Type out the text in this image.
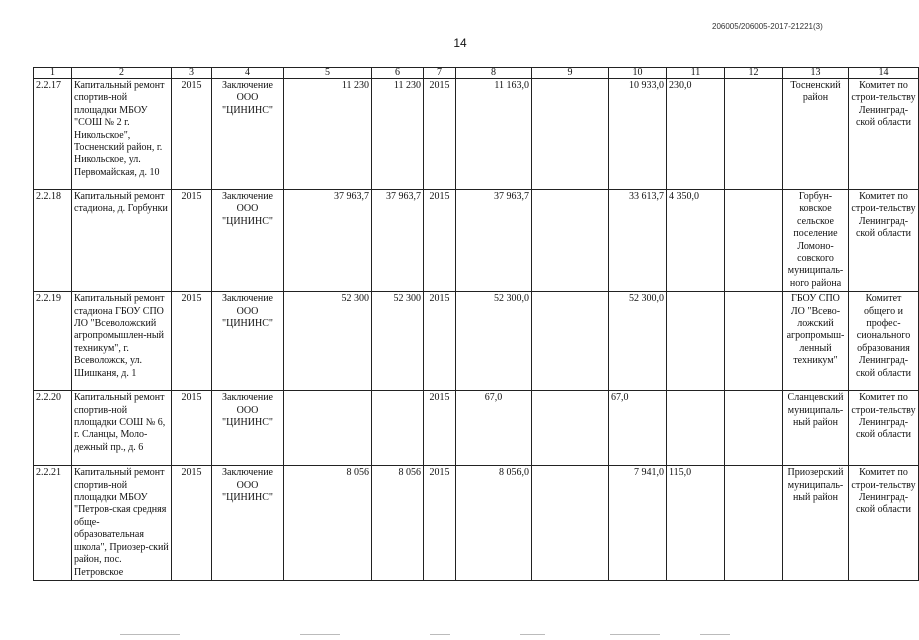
206005/206005-2017-21221(3)
14
1	2	3	4	5	6	7	8	9	10	11	12	13	14
2.2.17	Капитальный ремонт спортив-ной площадки МБОУ "СОШ № 2 г. Никольское", Тосненский район, г. Никольское, ул. Первомайская, д. 10	2015	Заключение ООО "ЦИНИНС"	11 230	11 230	2015	11 163,0		10 933,0	230,0		Тосненский район	Комитет по строи-тельству Ленинград-ской области
2.2.18	Капитальный ремонт стадиона, д. Горбунки	2015	Заключение ООО "ЦИНИНС"	37 963,7	37 963,7	2015	37 963,7		33 613,7	4 350,0		Горбун-ковское сельское поселение Ломоно-совского муниципаль-ного района	Комитет по строи-тельству Ленинград-ской области
2.2.19	Капитальный ремонт стадиона ГБОУ СПО ЛО "Всеволожский агропромышлен-ный техникум", г. Всеволожск, ул. Шишканя, д. 1	2015	Заключение ООО "ЦИНИНС"	52 300	52 300	2015	52 300,0		52 300,0			ГБОУ СПО ЛО "Всево-ложский агропромыш-ленный техникум"	Комитет общего и профес-сионального образования Ленинград-ской области
2.2.20	Капитальный ремонт спортив-ной площадки СОШ № 6, г. Сланцы, Моло-дежный пр., д. 6	2015	Заключение ООО "ЦИНИНС"			2015	67,0		67,0			Сланцевский муниципаль-ный район	Комитет по строи-тельству Ленинград-ской области
2.2.21	Капитальный ремонт спортив-ной площадки МБОУ "Петров-ская средняя обще-образовательная школа", Приозер-ский район, пос. Петровское	2015	Заключение ООО "ЦИНИНС"	8 056	8 056	2015	8 056,0		7 941,0	115,0		Приозерский муниципаль-ный район	Комитет по строи-тельству Ленинград-ской области
